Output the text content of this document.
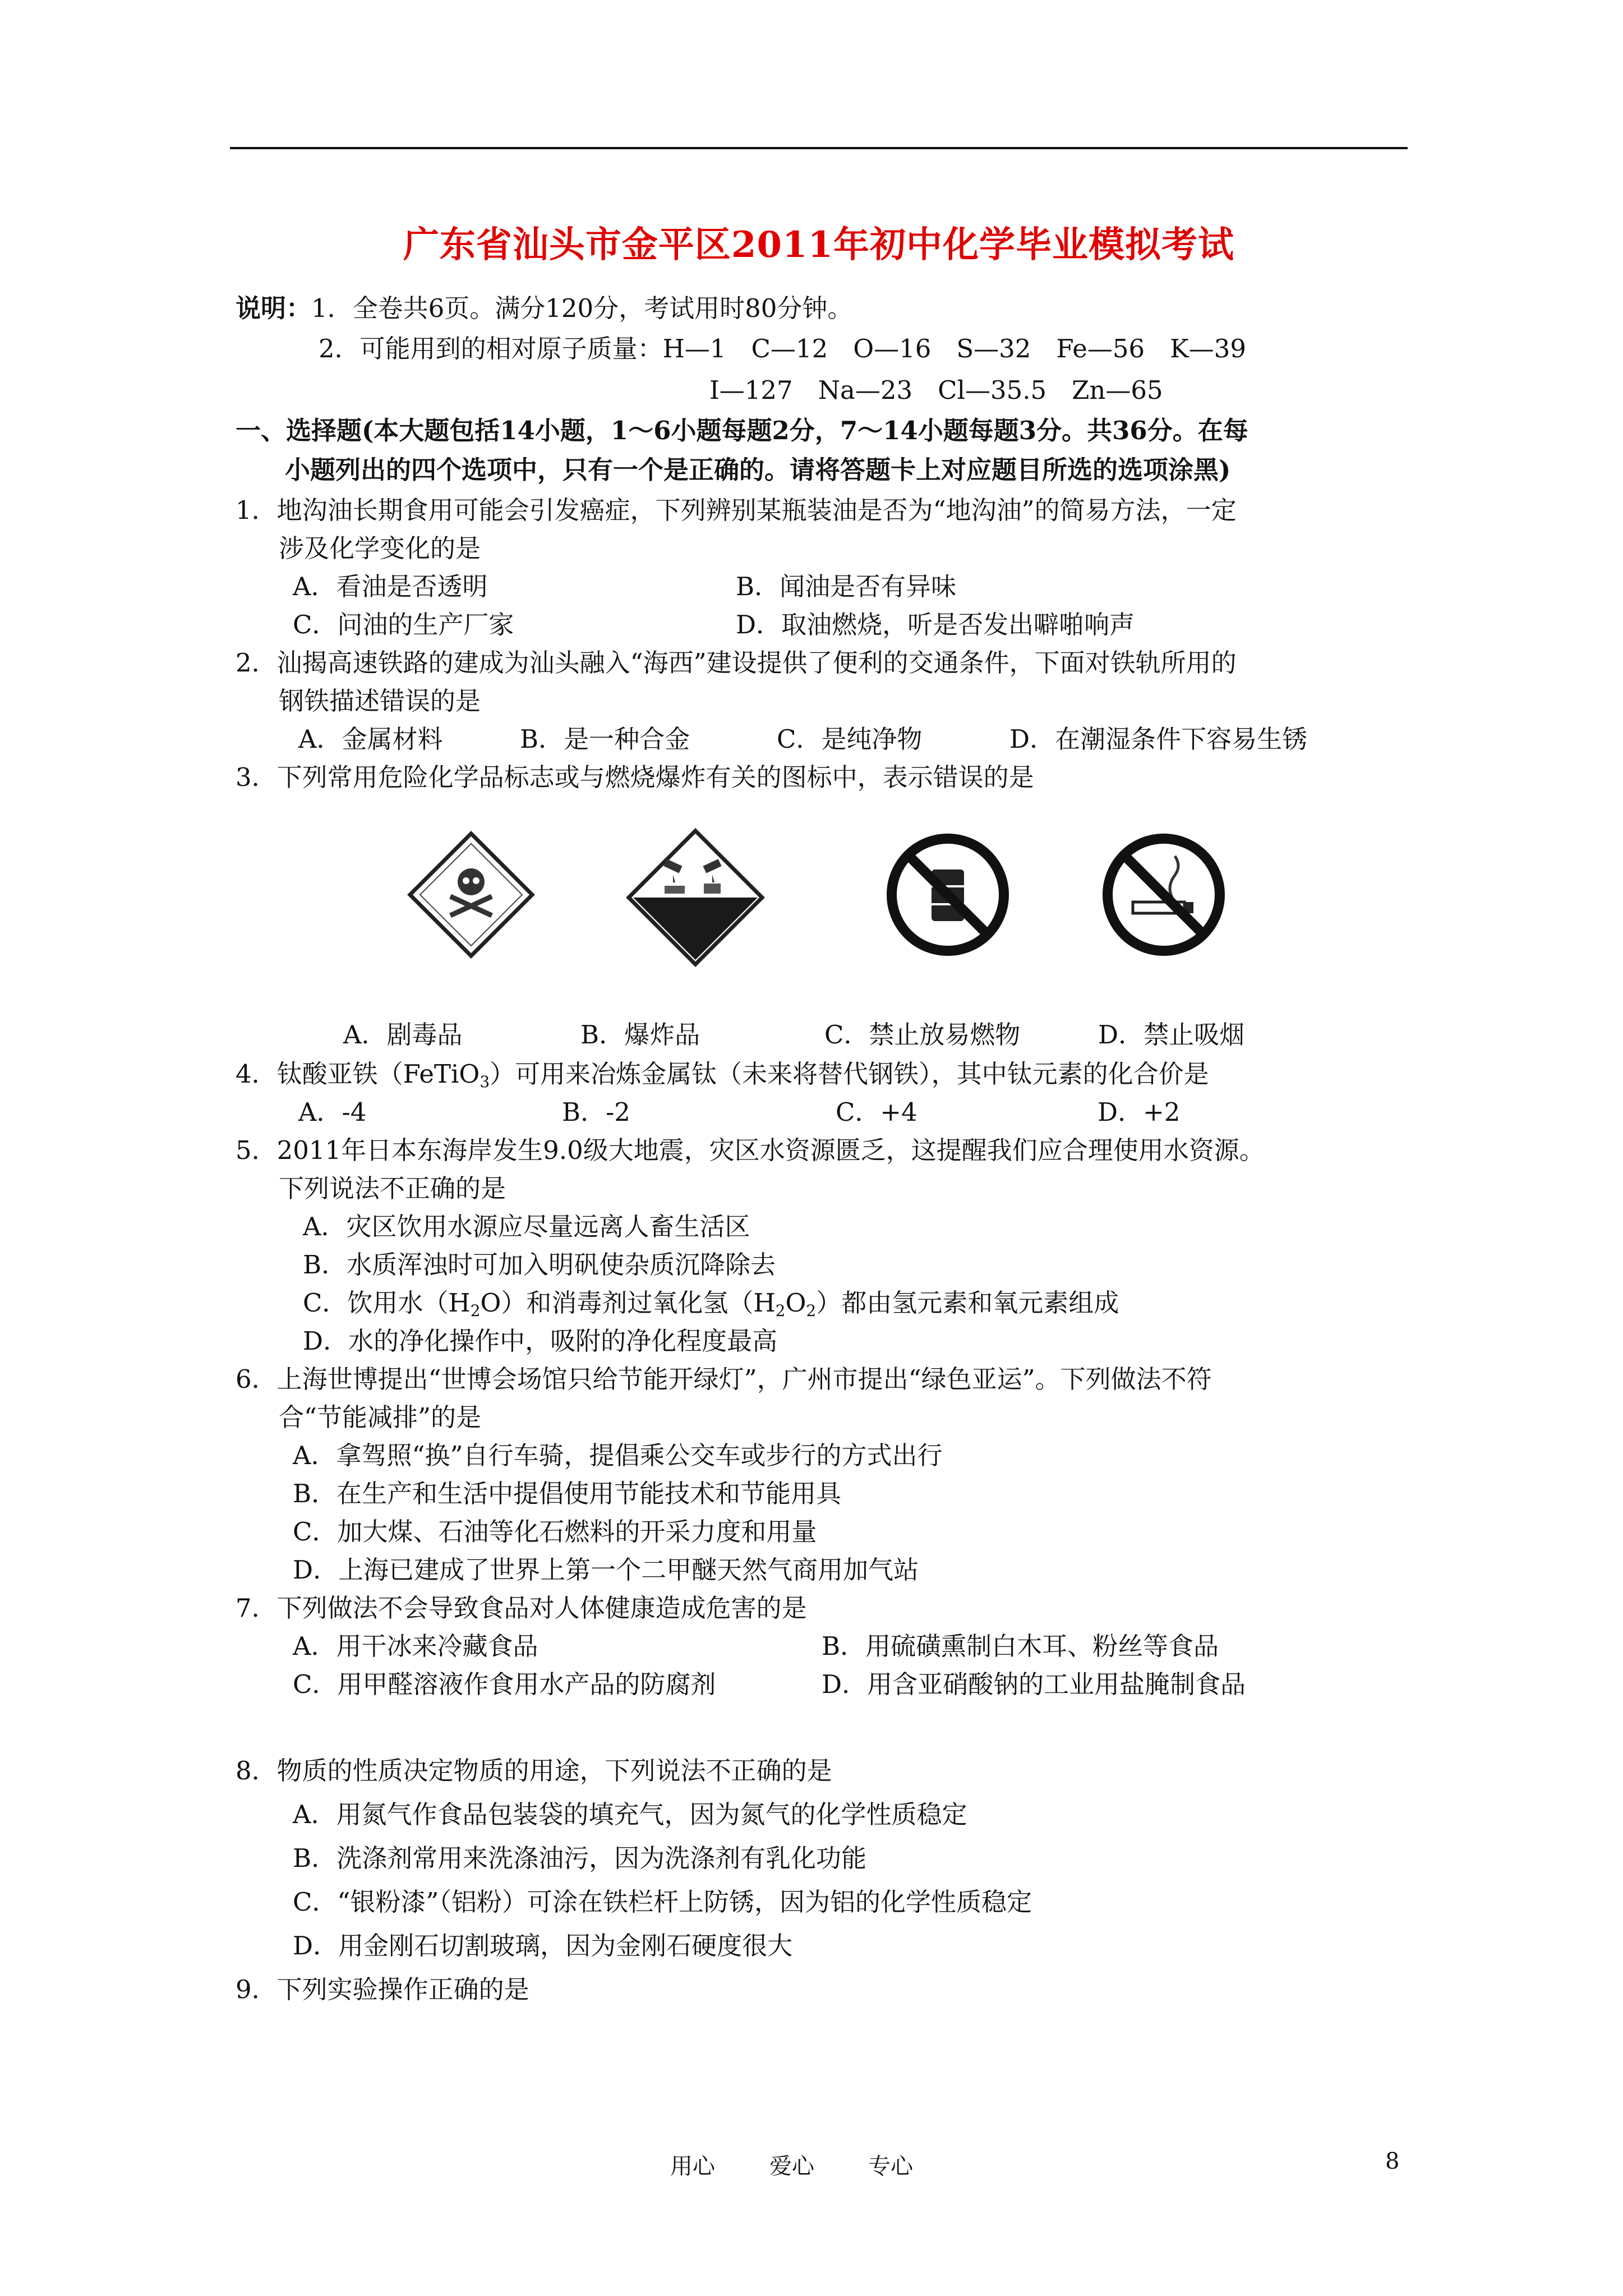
广东省汕头市金平区2011年初中化学毕业模拟考试
说明：1．全卷共6页。满分120分，考试用时80分钟。
2．可能用到的相对原子质量：H—1　C—12　O—16　S—32　Fe—56　K—39
I—127　Na—23　Cl—35.5　Zn—65
一、选择题(本大题包括14小题，1～6小题每题2分，7～14小题每题3分。共36分。在每
小题列出的四个选项中，只有一个是正确的。请将答题卡上对应题目所选的选项涂黑)
1．地沟油长期食用可能会引发癌症，下列辨别某瓶装油是否为“地沟油”的简易方法，一定
涉及化学变化的是
A．看油是否透明	B．闻油是否有异味
C．问油的生产厂家	D．取油燃烧，听是否发出噼啪响声
2．汕揭高速铁路的建成为汕头融入“海西”建设提供了便利的交通条件，下面对铁轨所用的
钢铁描述错误的是
A．金属材料	B．是一种合金	C．是纯净物	D．在潮湿条件下容易生锈
3．下列常用危险化学品标志或与燃烧爆炸有关的图标中，表示错误的是
A．剧毒品	B．爆炸品	C．禁止放易燃物	D．禁止吸烟
4．钛酸亚铁（FeTiO$_3$）可用来冶炼金属钛（未来将替代钢铁），其中钛元素的化合价是
A．-4	B．-2	C．+4	D．+2
5．2011年日本东海岸发生9.0级大地震，灾区水资源匮乏，这提醒我们应合理使用水资源。
下列说法不正确的是
A．灾区饮用水源应尽量远离人畜生活区
B．水质浑浊时可加入明矾使杂质沉降除去
C．饮用水$(H_2O)$和消毒剂过氧化氢$(H_2O_2)$都由氢元素和氧元素组成
D．水的净化操作中，吸附的净化程度最高
6．上海世博提出“世博会场馆只给节能开绿灯”，广州市提出“绿色亚运”。下列做法不符
合“节能减排”的是
A．拿驾照“换”自行车骑，提倡乘公交车或步行的方式出行
B．在生产和生活中提倡使用节能技术和节能用具
C．加大煤、石油等化石燃料的开采力度和用量
D．上海已建成了世界上第一个二甲醚天然气商用加气站
7．下列做法不会导致食品对人体健康造成危害的是
A．用干冰来冷藏食品	B．用硫磺熏制白木耳、粉丝等食品
C．用甲醛溶液作食用水产品的防腐剂	D．用含亚硝酸钠的工业用盐腌制食品
8．物质的性质决定物质的用途，下列说法不正确的是
A．用氮气作食品包装袋的填充气，因为氮气的化学性质稳定
B．洗涤剂常用来洗涤油污，因为洗涤剂有乳化功能
C．“银粉漆”（铝粉）可涂在铁栏杆上防锈，因为铝的化学性质稳定
D．用金刚石切割玻璃，因为金刚石硬度很大
9．下列实验操作正确的是
用心 爱心 专心	8
